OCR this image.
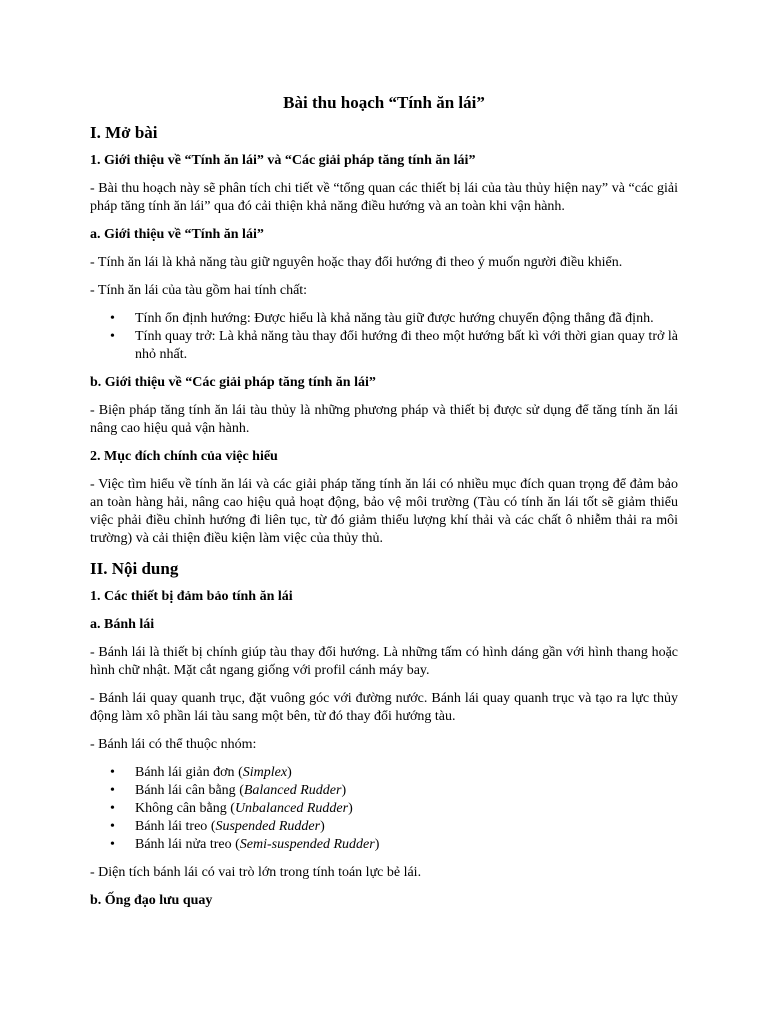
Bài thu hoạch “Tính ăn lái”
I. Mở bài
1. Giới thiệu về “Tính ăn lái” và “Các giải pháp tăng tính ăn lái”

- Bài thu hoạch này sẽ phân tích chi tiết về “tổng quan các thiết bị lái của tàu thủy hiện nay” và “các giải pháp tăng tính ăn lái” qua đó cải thiện khả năng điều hướng và an toàn khi vận hành.

a. Giới thiệu về “Tính ăn lái”

- Tính ăn lái là khả năng tàu giữ nguyên hoặc thay đổi hướng đi theo ý muốn người điều khiển.

- Tính ăn lái của tàu gồm hai tính chất:

• Tính ổn định hướng: Được hiểu là khả năng tàu giữ được hướng chuyển động thẳng đã định.
• Tính quay trở: Là khả năng tàu thay đổi hướng đi theo một hướng bất kì với thời gian quay trở là nhỏ nhất.
b. Giới thiệu về “Các giải pháp tăng tính ăn lái”

- Biện pháp tăng tính ăn lái tàu thủy là những phương pháp và thiết bị được sử dụng để tăng tính ăn lái nâng cao hiệu quả vận hành.

2. Mục đích chính của việc hiểu

- Việc tìm hiểu về tính ăn lái và các giải pháp tăng tính ăn lái có nhiều mục đích quan trọng để đảm bảo an toàn hàng hải, nâng cao hiệu quả hoạt động, bảo vệ môi trường (Tàu có tính ăn lái tốt sẽ giảm thiểu việc phải điều chỉnh hướng đi liên tục, từ đó giảm thiểu lượng khí thải và các chất ô nhiễm thải ra môi trường) và cải thiện điều kiện làm việc của thủy thủ.

II. Nội dung
1. Các thiết bị đảm bảo tính ăn lái
a. Bánh lái

- Bánh lái là thiết bị chính giúp tàu thay đổi hướng. Là những tấm có hình dáng gần với hình thang hoặc hình chữ nhật. Mặt cắt ngang giống với profil cánh máy bay.

- Bánh lái quay quanh trục, đặt vuông góc với đường nước. Bánh lái quay quanh trục và tạo ra lực thủy động làm xô phần lái tàu sang một bên, từ đó thay đổi hướng tàu.

- Bánh lái có thể thuộc nhóm:

• Bánh lái giản đơn (Simplex)
• Bánh lái cân bằng (Balanced Rudder)
• Không cân bằng (Unbalanced Rudder)
• Bánh lái treo (Suspended Rudder)
• Bánh lái nửa treo (Semi-suspended Rudder)

- Diện tích bánh lái có vai trò lớn trong tính toán lực bẻ lái.

b. Ống đạo lưu quay
